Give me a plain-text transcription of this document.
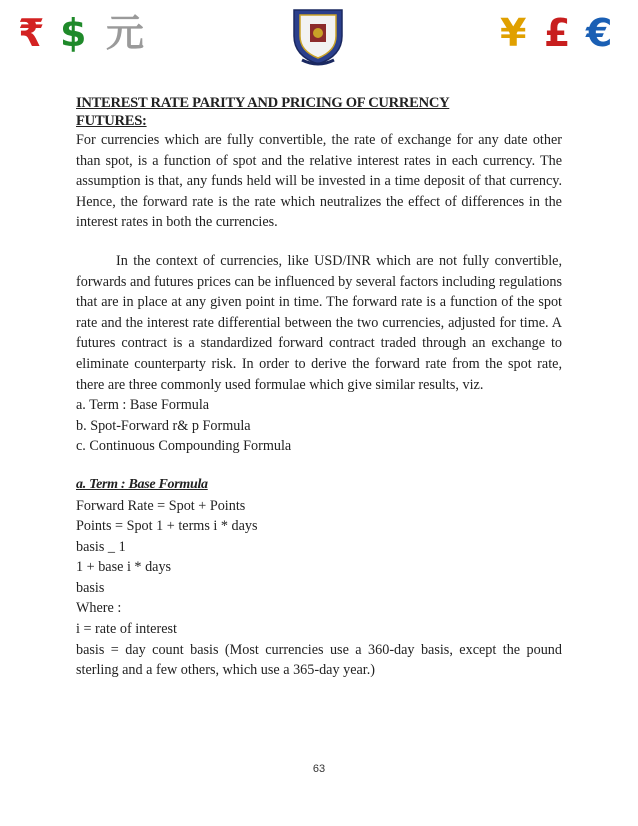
₹ $ 元	¥ £ €
INTEREST RATE PARITY AND PRICING OF CURRENCY
FUTURES:

For currencies which are fully convertible, the rate of exchange for any date other than spot, is a function of spot and the relative interest rates in each currency. The assumption is that, any funds held will be invested in a time deposit of that currency. Hence, the forward rate is the rate which neutralizes the effect of differences in the interest rates in both the currencies.

In the context of currencies, like USD/INR which are not fully convertible, forwards and futures prices can be influenced by several factors including regulations that are in place at any given point in time. The forward rate is a function of the spot rate and the interest rate differential between the two currencies, adjusted for time. A futures contract is a standardized forward contract traded through an exchange to eliminate counterparty risk. In order to derive the forward rate from the spot rate, there are three commonly used formulae which give similar results, viz.

a. Term : Base Formula
b. Spot-Forward r& p Formula
c. Continuous Compounding Formula
a. Term : Base Formula
Forward Rate = Spot + Points
Points = Spot 1 + terms i * days
basis _ 1
1 + base i * days
basis
Where :
i = rate of interest

basis = day count basis (Most currencies use a 360-day basis, except the pound sterling and a few others, which use a 365-day year.)

63
